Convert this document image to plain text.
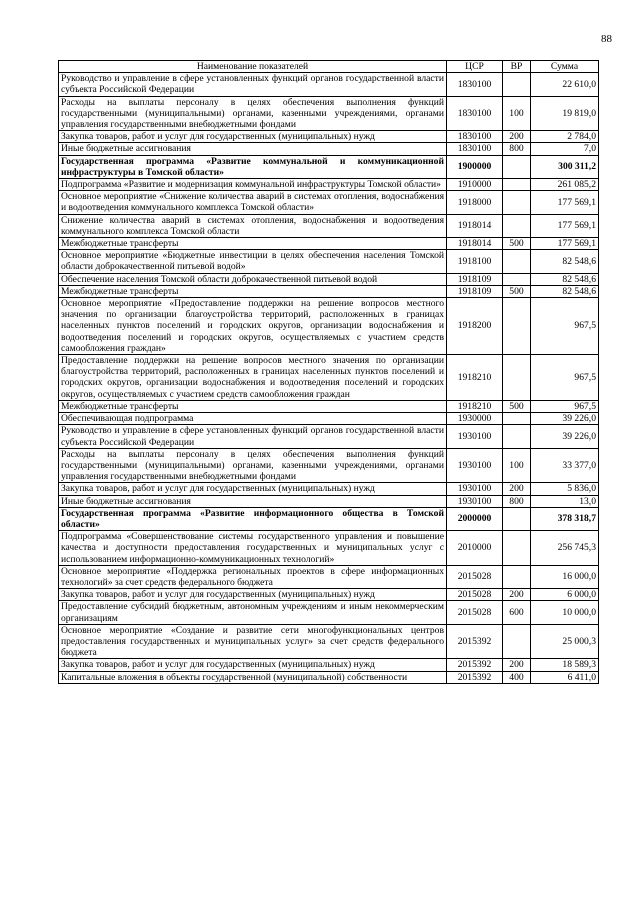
88
Наименование показателей	ЦСР	ВР	Сумма
Руководство и управление в сфере установленных функций органов государственной власти субъекта Российской Федерации	1830100		22 610,0
Расходы на выплаты персоналу в целях обеспечения выполнения функций государственными (муниципальными) органами, казенными учреждениями, органами управления государственными внебюджетными фондами	1830100	100	19 819,0
Закупка товаров, работ и услуг для государственных (муниципальных) нужд	1830100	200	2 784,0
Иные бюджетные ассигнования	1830100	800	7,0
Государственная программа «Развитие коммунальной и коммуникационной инфраструктуры в Томской области»	1900000		300 311,2
Подпрограмма «Развитие и модернизация коммунальной инфраструктуры Томской области»	1910000		261 085,2
Основное мероприятие «Снижение количества аварий в системах отопления, водоснабжения и водоотведения коммунального комплекса Томской области»	1918000		177 569,1
Снижение количества аварий в системах отопления, водоснабжения и водоотведения коммунального комплекса Томской области	1918014		177 569,1
Межбюджетные трансферты	1918014	500	177 569,1
Основное мероприятие «Бюджетные инвестиции в целях обеспечения населения Томской области доброкачественной питьевой водой»	1918100		82 548,6
Обеспечение населения Томской области доброкачественной питьевой водой	1918109		82 548,6
Межбюджетные трансферты	1918109	500	82 548,6
Основное мероприятие «Предоставление поддержки на решение вопросов местного значения по организации благоустройства территорий, расположенных в границах населенных пунктов поселений и городских округов, организации водоснабжения и водоотведения поселений и городских округов, осуществляемых с участием средств самообложения граждан»	1918200		967,5
Предоставление поддержки на решение вопросов местного значения по организации благоустройства территорий, расположенных в границах населенных пунктов поселений и городских округов, организации водоснабжения и водоотведения поселений и городских округов, осуществляемых с участием средств самообложения граждан	1918210		967,5
Межбюджетные трансферты	1918210	500	967,5
Обеспечивающая подпрограмма	1930000		39 226,0
Руководство и управление в сфере установленных функций органов государственной власти субъекта Российской Федерации	1930100		39 226,0
Расходы на выплаты персоналу в целях обеспечения выполнения функций государственными (муниципальными) органами, казенными учреждениями, органами управления государственными внебюджетными фондами	1930100	100	33 377,0
Закупка товаров, работ и услуг для государственных (муниципальных) нужд	1930100	200	5 836,0
Иные бюджетные ассигнования	1930100	800	13,0
Государственная программа «Развитие информационного общества в Томской области»	2000000		378 318,7
Подпрограмма «Совершенствование системы государственного управления и повышение качества и доступности предоставления государственных и муниципальных услуг с использованием информационно-коммуникационных технологий»	2010000		256 745,3
Основное мероприятие «Поддержка региональных проектов в сфере информационных технологий» за счет средств федерального бюджета	2015028		16 000,0
Закупка товаров, работ и услуг для государственных (муниципальных) нужд	2015028	200	6 000,0
Предоставление субсидий бюджетным, автономным учреждениям и иным некоммерческим организациям	2015028	600	10 000,0
Основное мероприятие «Создание и развитие сети многофункциональных центров предоставления государственных и муниципальных услуг» за счет средств федерального бюджета	2015392		25 000,3
Закупка товаров, работ и услуг для государственных (муниципальных) нужд	2015392	200	18 589,3
Капитальные вложения в объекты государственной (муниципальной) собственности	2015392	400	6 411,0
